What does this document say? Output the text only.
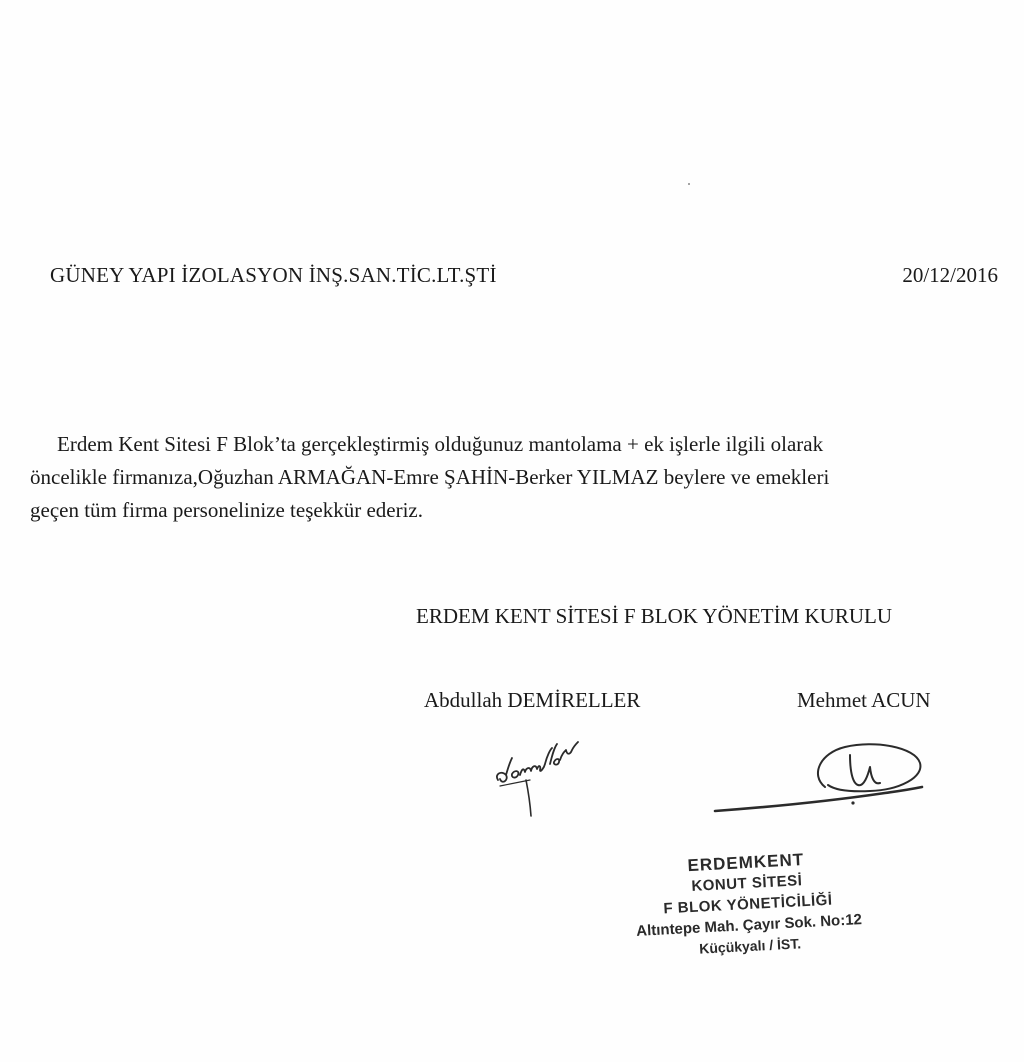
GÜNEY YAPI İZOLASYON İNŞ.SAN.TİC.LT.ŞTİ	20/12/2016
Erdem Kent Sitesi F Blok’ta gerçekleştirmiş olduğunuz mantolama + ek işlerle ilgili olarak
öncelikle firmanıza,Oğuzhan ARMAĞAN-Emre ŞAHİN-Berker YILMAZ beylere ve emekleri
geçen tüm firma personelinize teşekkür ederiz.
ERDEM KENT SİTESİ F BLOK YÖNETİM KURULU
Abdullah DEMİRELLER	Mehmet ACUN
ERDEMKENT
KONUT SİTESİ
F BLOK YÖNETİCİLİĞİ
Altıntepe Mah. Çayır Sok. No:12
Küçükyalı / İST.
